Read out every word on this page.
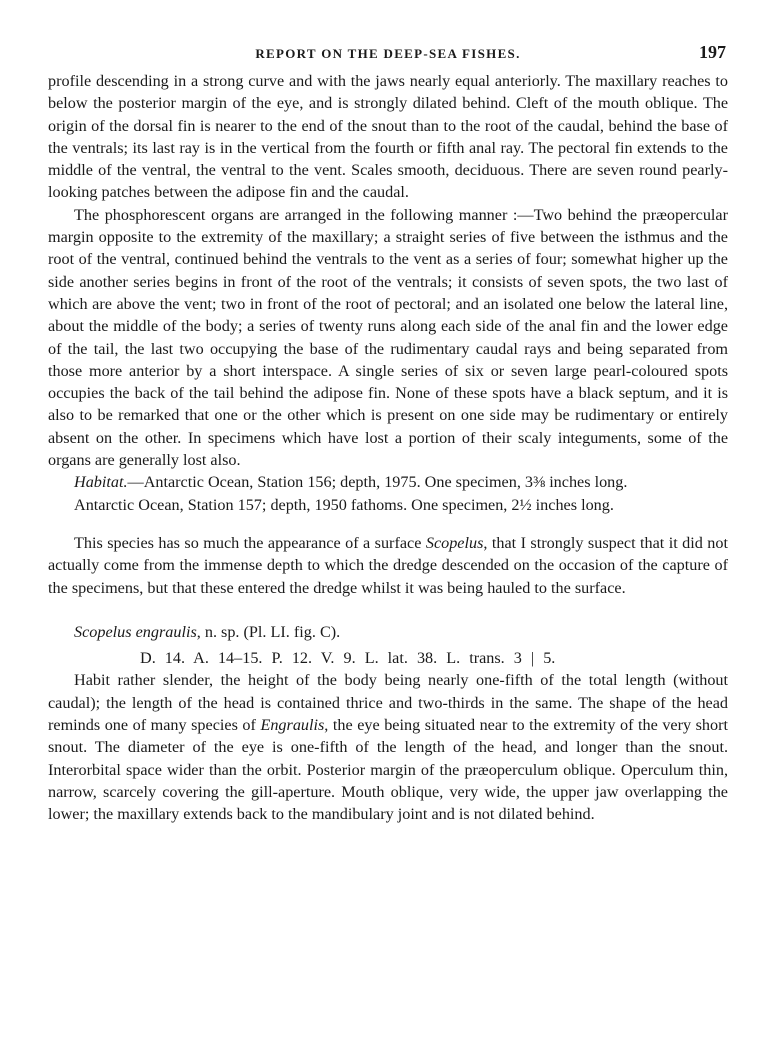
REPORT ON THE DEEP-SEA FISHES.	197

profile descending in a strong curve and with the jaws nearly equal anteriorly. The maxillary reaches to below the posterior margin of the eye, and is strongly dilated behind. Cleft of the mouth oblique. The origin of the dorsal fin is nearer to the end of the snout than to the root of the caudal, behind the base of the ventrals; its last ray is in the vertical from the fourth or fifth anal ray. The pectoral fin extends to the middle of the ventral, the ventral to the vent. Scales smooth, deciduous. There are seven round pearly-looking patches between the adipose fin and the caudal.

The phosphorescent organs are arranged in the following manner :—Two behind the præopercular margin opposite to the extremity of the maxillary; a straight series of five between the isthmus and the root of the ventral, continued behind the ventrals to the vent as a series of four; somewhat higher up the side another series begins in front of the root of the ventrals; it consists of seven spots, the two last of which are above the vent; two in front of the root of pectoral; and an isolated one below the lateral line, about the middle of the body; a series of twenty runs along each side of the anal fin and the lower edge of the tail, the last two occupying the base of the rudimentary caudal rays and being separated from those more anterior by a short interspace. A single series of six or seven large pearl-coloured spots occupies the back of the tail behind the adipose fin. None of these spots have a black septum, and it is also to be remarked that one or the other which is present on one side may be rudimentary or entirely absent on the other. In specimens which have lost a portion of their scaly integuments, some of the organs are generally lost also.

Habitat.—Antarctic Ocean, Station 156; depth, 1975. One specimen, 3⅜ inches long.

Antarctic Ocean, Station 157; depth, 1950 fathoms. One specimen, 2½ inches long.

This species has so much the appearance of a surface Scopelus, that I strongly suspect that it did not actually come from the immense depth to which the dredge descended on the occasion of the capture of the specimens, but that these entered the dredge whilst it was being hauled to the surface.

Scopelus engraulis, n. sp. (Pl. LI. fig. C).

D. 14. A. 14–15. P. 12. V. 9. L. lat. 38. L. trans. 3 | 5.

Habit rather slender, the height of the body being nearly one-fifth of the total length (without caudal); the length of the head is contained thrice and two-thirds in the same. The shape of the head reminds one of many species of Engraulis, the eye being situated near to the extremity of the very short snout. The diameter of the eye is one-fifth of the length of the head, and longer than the snout. Interorbital space wider than the orbit. Posterior margin of the præoperculum oblique. Operculum thin, narrow, scarcely covering the gill-aperture. Mouth oblique, very wide, the upper jaw overlapping the lower; the maxillary extends back to the mandibulary joint and is not dilated behind.
